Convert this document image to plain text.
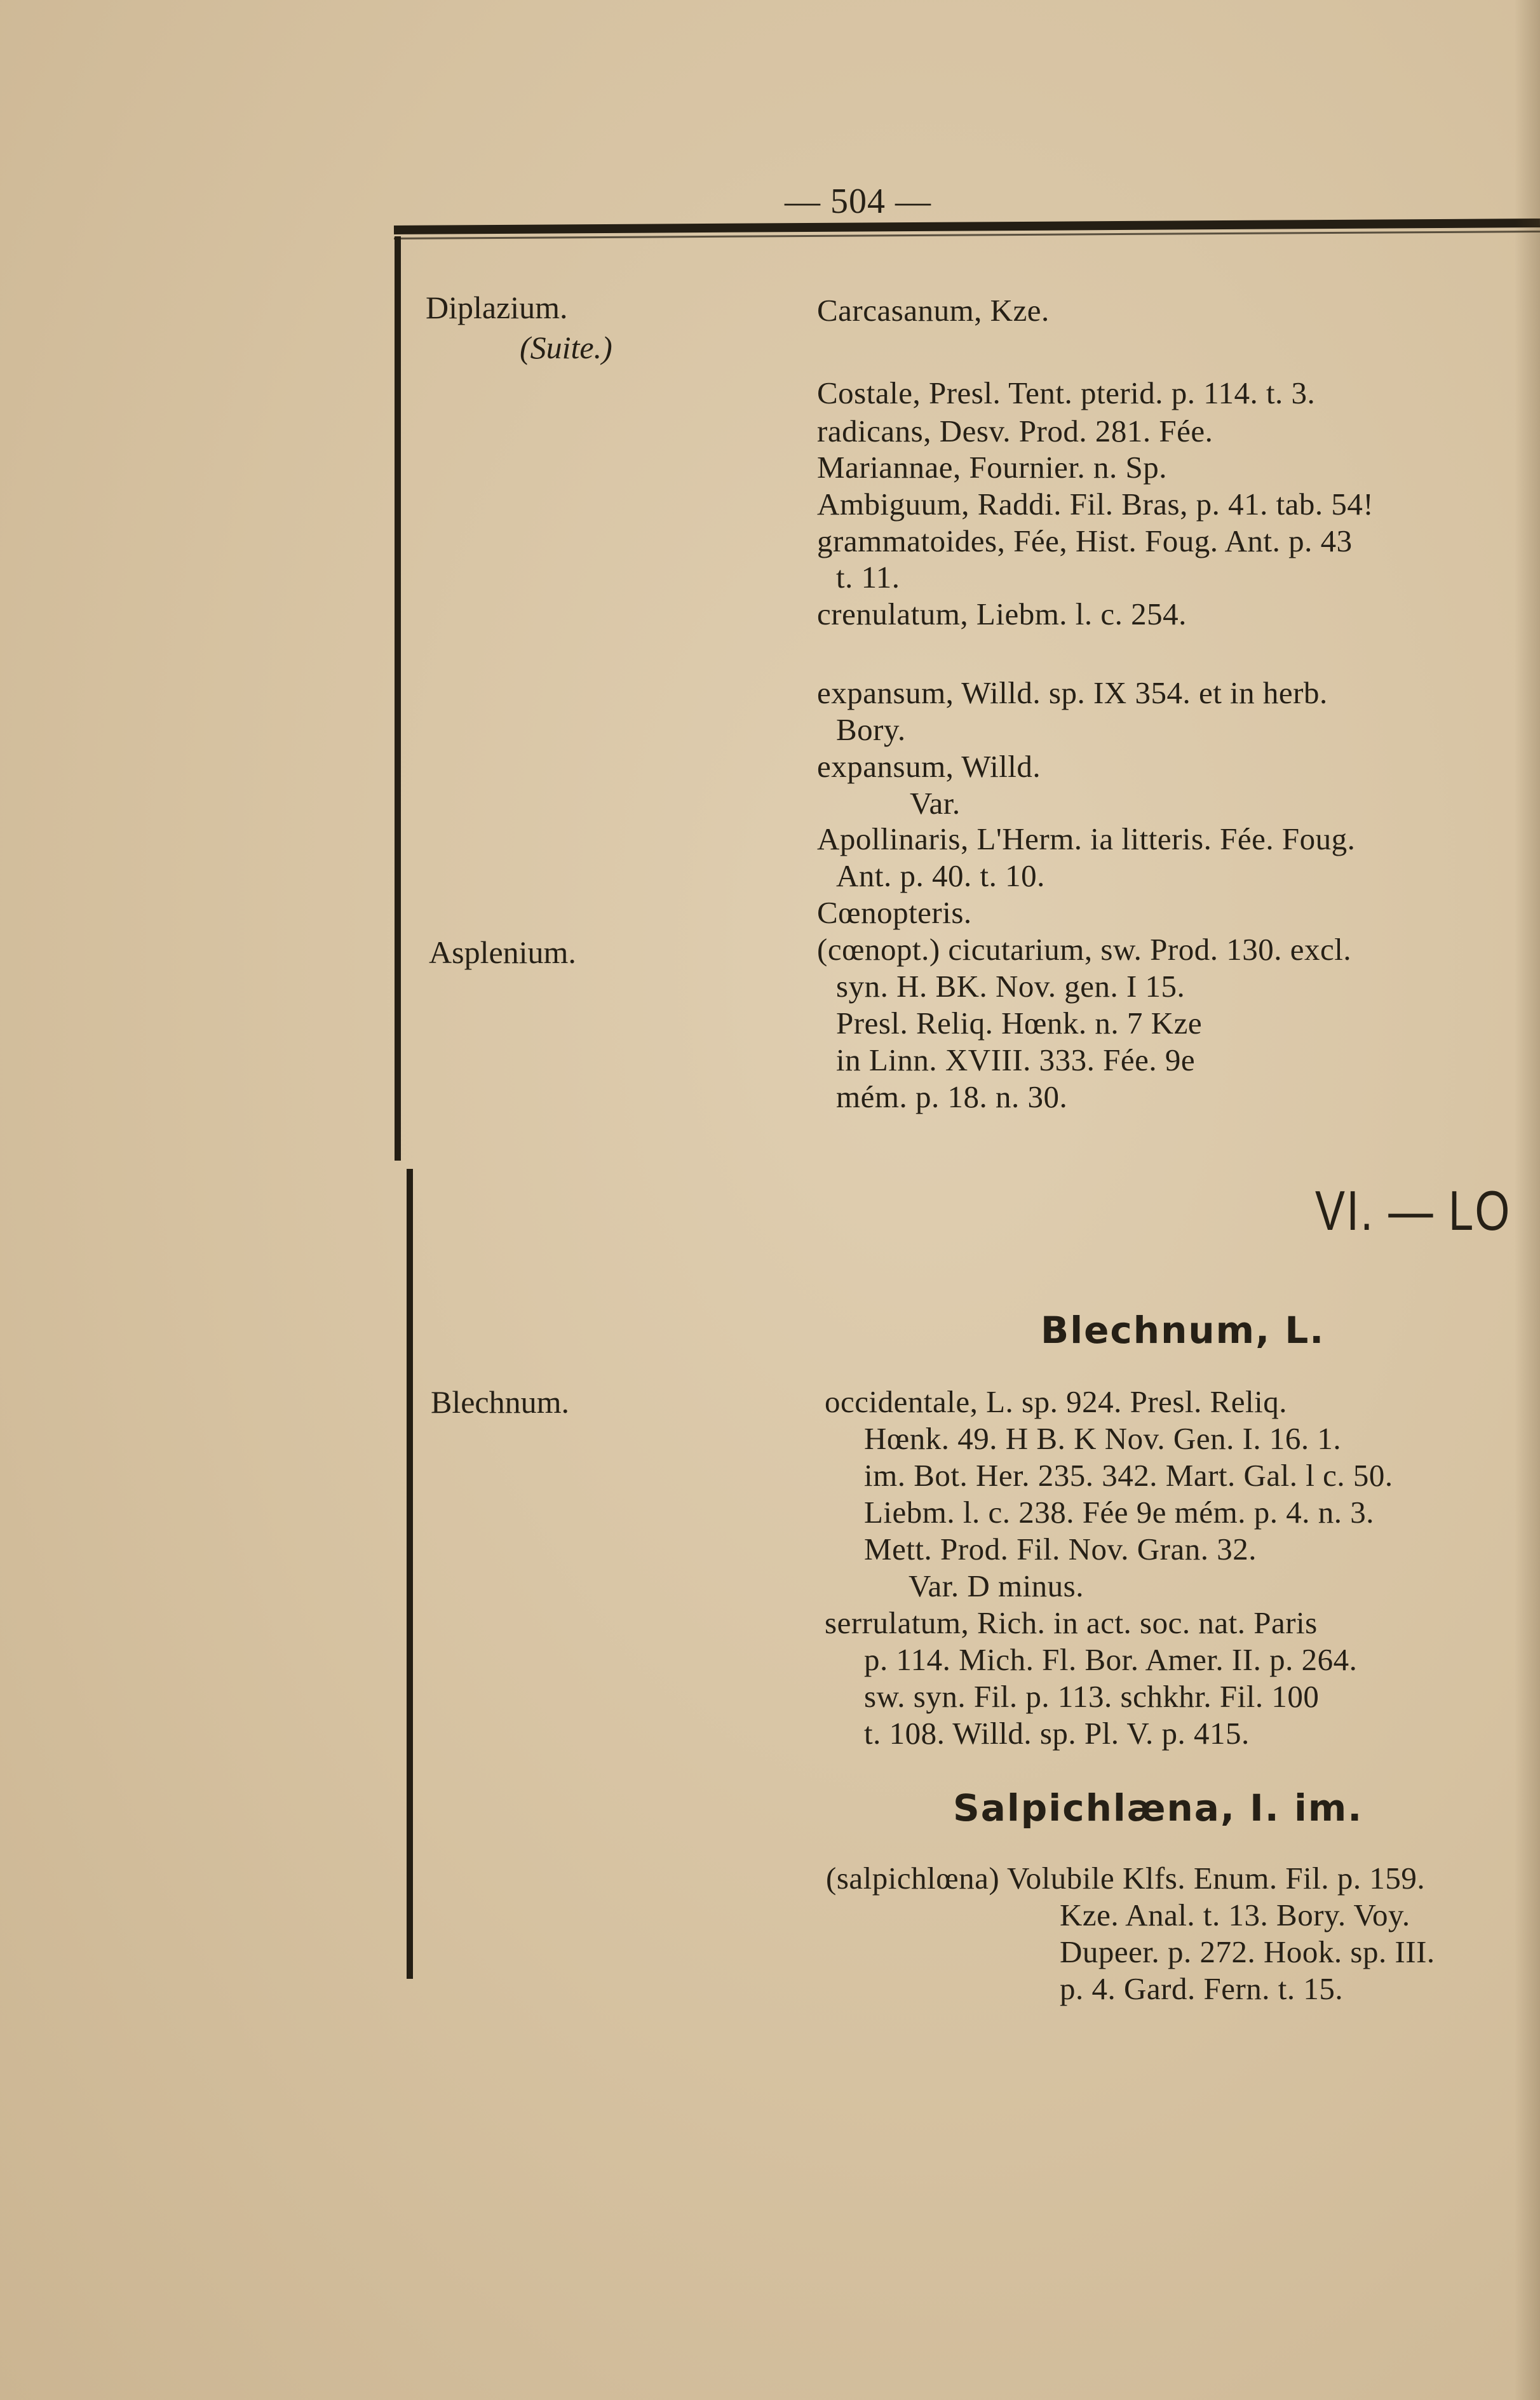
— 504 —
Diplazium.
(Suite.)
Carcasanum, Kze.
Costale, Presl. Tent. pterid. p. 114. t. 3.
radicans, Desv. Prod. 281. Fée.
Mariannae, Fournier. n. Sp.
Ambiguum, Raddi. Fil. Bras, p. 41. tab. 54!
grammatoides, Fée, Hist. Foug. Ant. p. 43
t. 11.
crenulatum, Liebm. l. c. 254.
expansum, Willd. sp. IX 354. et in herb.
Bory.
expansum, Willd.
Var.
Apollinaris, L'Herm. ia litteris. Fée. Foug.
Ant. p. 40. t. 10.
Asplenium.
Cœnopteris.
(cœnopt.) cicutarium, sw. Prod. 130. excl.
syn. H. BK. Nov. gen. I 15.
Presl. Reliq. Hœnk. n. 7 Kze
in Linn. XVIII. 333. Fée. 9e
mém. p. 18. n. 30.
VI. — LO
Blechnum, L.
Blechnum.	occidentale, L. sp. 924. Presl. Reliq.
Hœnk. 49. H B. K Nov. Gen. I. 16. 1.
im. Bot. Her. 235. 342. Mart. Gal. l c. 50.
Liebm. l. c. 238. Fée 9e mém. p. 4. n. 3.
Mett. Prod. Fil. Nov. Gran. 32.
Var. D minus.
serrulatum, Rich. in act. soc. nat. Paris
p. 114. Mich. Fl. Bor. Amer. II. p. 264.
sw. syn. Fil. p. 113. schkhr. Fil. 100
t. 108. Willd. sp. Pl. V. p. 415.
Salpichlæna, I. im.
(salpichlœna) Volubile Klfs. Enum. Fil. p. 159.
Kze. Anal. t. 13. Bory. Voy.
Dupeer. p. 272. Hook. sp. III.
p. 4. Gard. Fern. t. 15.
